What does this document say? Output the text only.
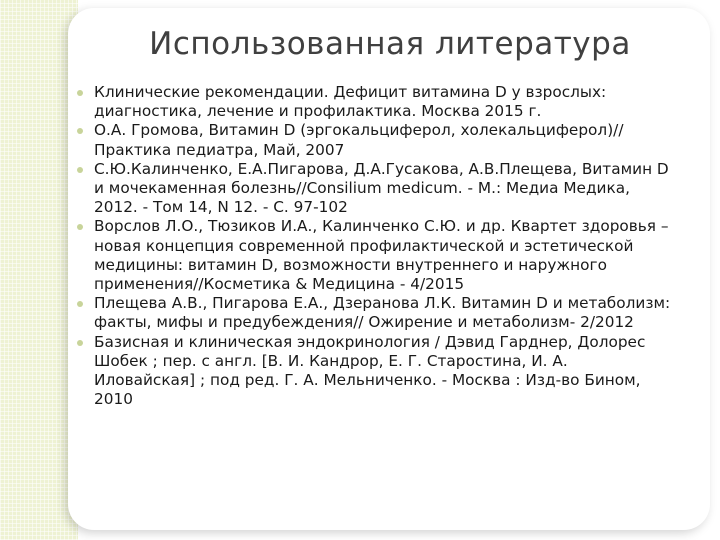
Использованная литература
Клинические рекомендации. Дефицит витамина D у взрослых: диагностика, лечение и профилактика. Москва 2015 г.
О.А. Громова, Витамин D (эргокальциферол, холекальциферол)// Практика педиатра, Май, 2007
С.Ю.Калинченко, Е.А.Пигарова, Д.А.Гусакова, А.В.Плещева, Витамин D и мочекаменная болезнь//Consilium medicum. - М.: Медиа Медика, 2012. - Том 14, N 12. - С. 97-102
Ворслов Л.О., Тюзиков И.А., Калинченко С.Ю. и др. Квартет здоровья – новая концепция современной профилактической и эстетической медицины: витамин D, возможности внутреннего и наружного применения//Косметика & Медицина - 4/2015
Плещева А.В., Пигарова Е.А., Дзеранова Л.К. Витамин D и метаболизм: факты, мифы и предубеждения// Ожирение и метаболизм- 2/2012
Базисная и клиническая эндокринология / Дэвид Гарднер, Долорес Шобек ; пер. с англ. [В. И. Кандрор, Е. Г. Старостина, И. А. Иловайская] ; под ред. Г. А. Мельниченко. - Москва : Изд-во Бином, 2010
